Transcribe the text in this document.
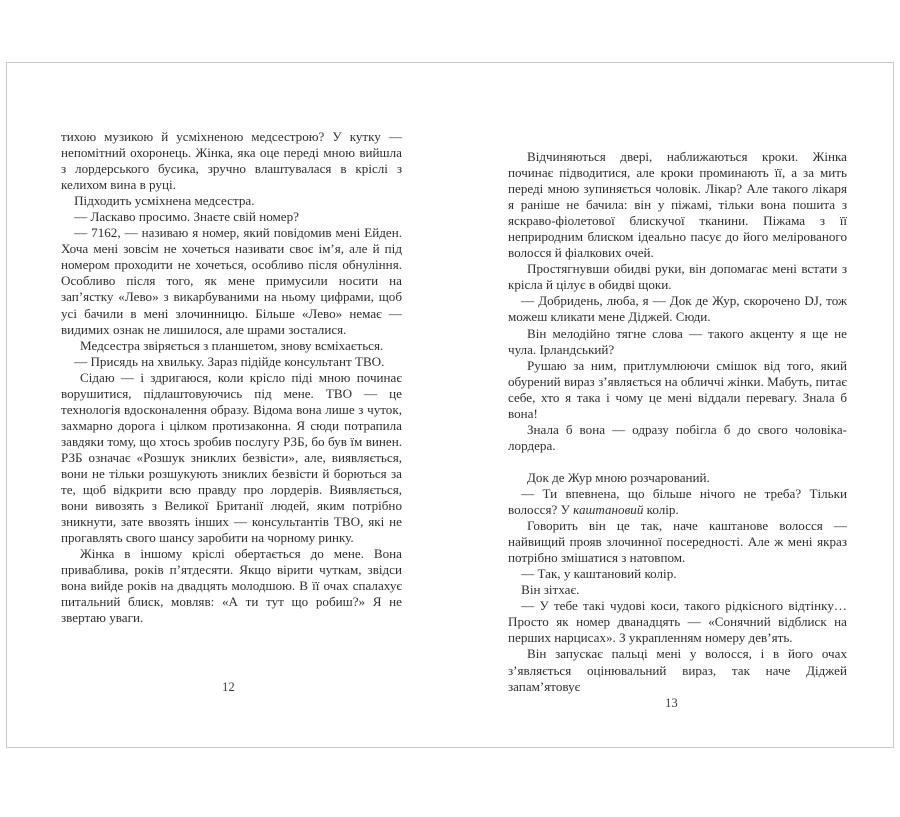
тихою музикою й усміхненою медсестрою? У кутку — непомітний охоронець. Жінка, яка оце переді мною вийшла з лордерського бусика, зручно влаштувалася в кріслі з келихом вина в руці.

Підходить усміхнена медсестра.

— Ласкаво просимо. Знаєте свій номер?

— 7162, — називаю я номер, який повідомив мені Ейден. Хоча мені зовсім не хочеться називати своє ім’я, але й під номером проходити не хочеться, особливо після обнуління. Особливо після того, як мене примусили носити на зап’ястку «Лево» з викарбуваними на ньому цифрами, щоб усі бачили в мені злочинницю. Більше «Лево» немає — видимих ознак не лишилося, але шрами зосталися.

Медсестра звіряється з планшетом, знову всміхається.

— Присядь на хвильку. Зараз підійде консультант ТВО.

Сідаю — і здригаюся, коли крісло піді мною починає ворушитися, підлаштовуючись під мене. ТВО — це технологія вдосконалення образу. Відома вона лише з чуток, захмарно дорога і цілком протизаконна. Я сюди потрапила завдяки тому, що хтось зробив послугу РЗБ, бо був їм винен. РЗБ означає «Розшук зниклих безвісти», але, виявляється, вони не тільки розшукують зниклих безвісти й борються за те, щоб відкрити всю правду про лордерів. Виявляється, вони вивозять з Великої Британії людей, яким потрібно зникнути, зате ввозять інших — консультантів ТВО, які не прогавлять свого шансу заробити на чорному ринку.

Жінка в іншому кріслі обертається до мене. Вона приваблива, років п’ятдесяти. Якщо вірити чуткам, звідси вона вийде років на двадцять молодшою. В її очах спалахує питальний блиск, мовляв: «А ти тут що робиш?» Я не звертаю уваги.

12

Відчиняються двері, наближаються кроки. Жінка починає підводитися, але кроки проминають її, а за мить переді мною зупиняється чоловік. Лікар? Але такого лікаря я раніше не бачила: він у піжамі, тільки вона пошита з яскраво-фіолетової блискучої тканини. Піжама з її неприродним блиском ідеально пасує до його мелірованого волосся й фіалкових очей.

Простягнувши обидві руки, він допомагає мені встати з крісла й цілує в обидві щоки.

— Добридень, люба, я — Док де Жур, скорочено DJ, тож можеш кликати мене Діджей. Сюди.

Він мелодійно тягне слова — такого акценту я ще не чула. Ірландський?

Рушаю за ним, притлумлюючи смішок від того, який обурений вираз з’являється на обличчі жінки. Мабуть, питає себе, хто я така і чому це мені віддали перевагу. Знала б вона!

Знала б вона — одразу побігла б до свого чоловіка-лордера.

Док де Жур мною розчарований.

— Ти впевнена, що більше нічого не треба? Тільки волосся? У каштановий колір.

Говорить він це так, наче каштанове волосся — найвищий прояв злочинної посередності. Але ж мені якраз потрібно змішатися з натовпом.

— Так, у каштановий колір.

Він зітхає.

— У тебе такі чудові коси, такого рідкісного відтінку… Просто як номер дванадцять — «Сонячний відблиск на перших нарцисах». З украпленням номеру дев’ять.

Він запускає пальці мені у волосся, і в його очах з’являється оцінювальний вираз, так наче Діджей запам’ятовує

13
